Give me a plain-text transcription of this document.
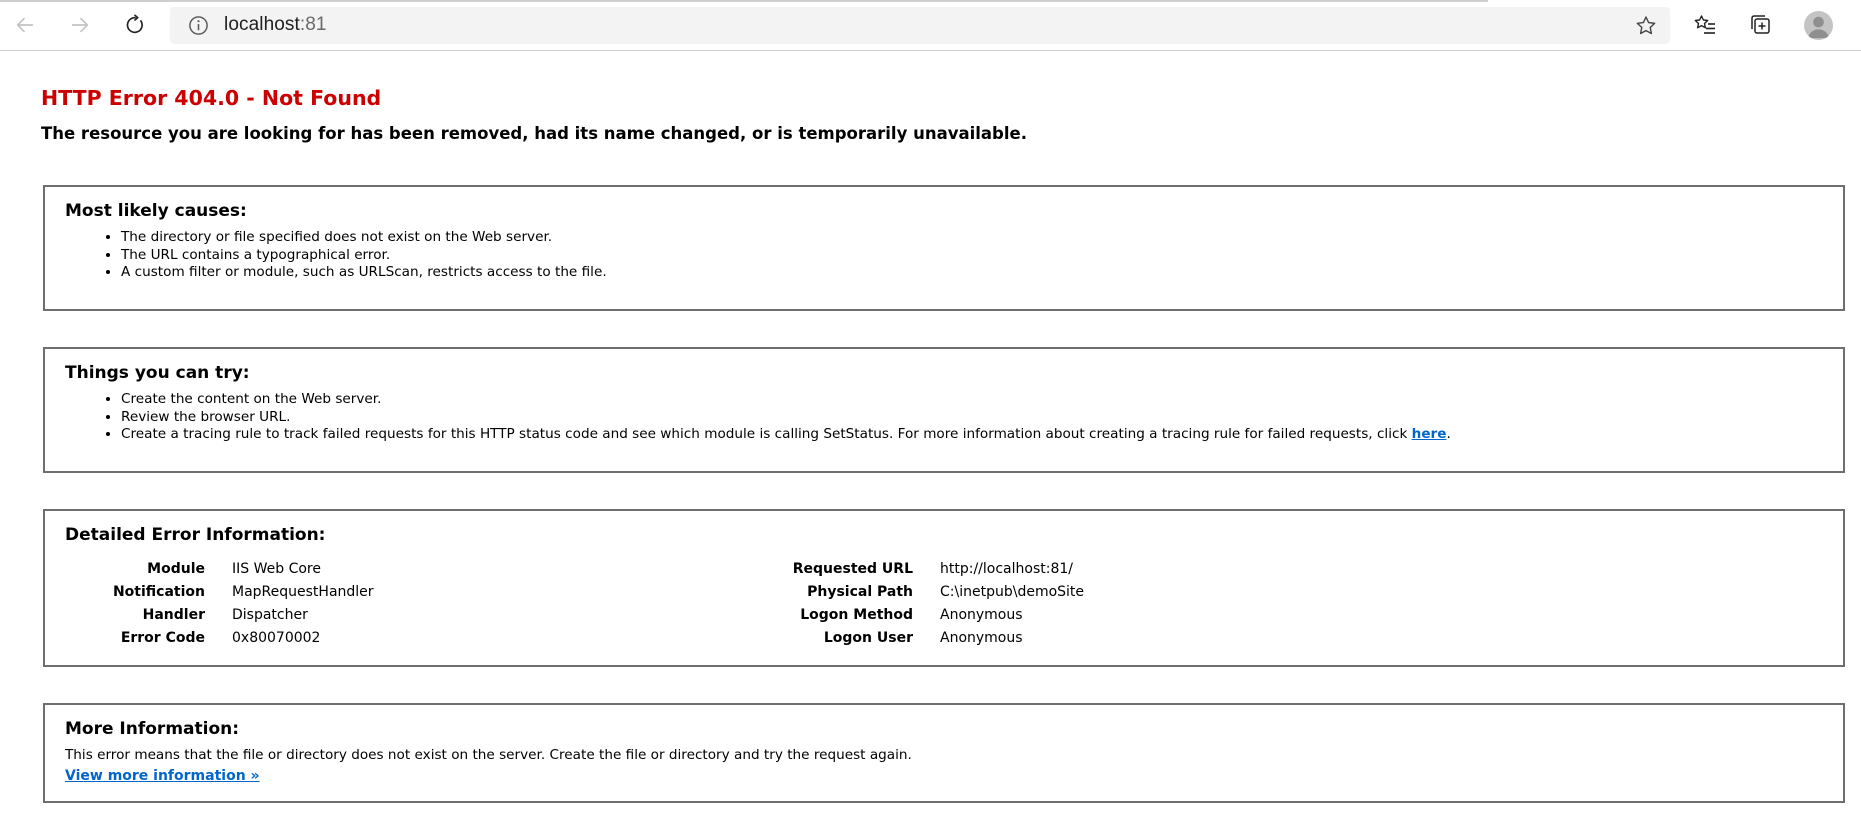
localhost:81
HTTP Error 404.0 - Not Found
The resource you are looking for has been removed, had its name changed, or is temporarily unavailable.
Most likely causes:
• The directory or file specified does not exist on the Web server.
• The URL contains a typographical error.
• A custom filter or module, such as URLScan, restricts access to the file.
Things you can try:
• Create the content on the Web server.
• Review the browser URL.
• Create a tracing rule to track failed requests for this HTTP status code and see which module is calling SetStatus. For more information about creating a tracing rule for failed requests, click here.
Detailed Error Information:
Module	IIS Web Core
Notification	MapRequestHandler
Handler	Dispatcher
Error Code	0x80070002
Requested URL	http://localhost:81/
Physical Path	C:\inetpub\demoSite
Logon Method	Anonymous
Logon User	Anonymous
More Information:
This error means that the file or directory does not exist on the server. Create the file or directory and try the request again.
View more information »
